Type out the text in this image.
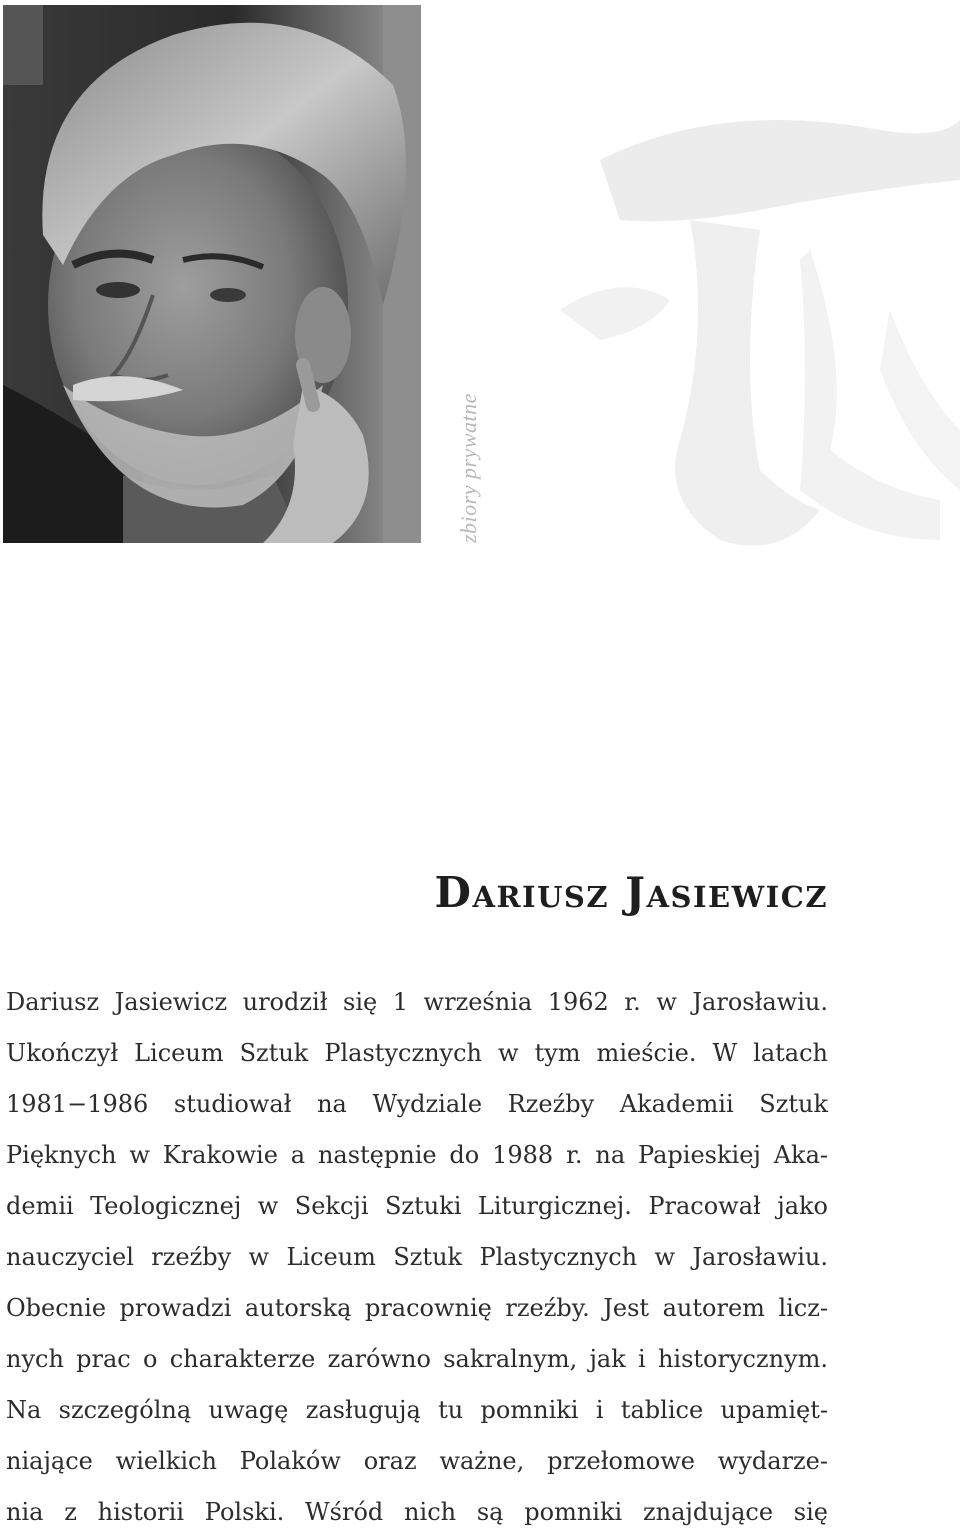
zbiory prywatne
Dariusz Jasiewicz
Dariusz Jasiewicz urodził się 1 września 1962 r. w Jarosławiu.
Ukończył Liceum Sztuk Plastycznych w tym mieście. W latach
1981−1986 studiował na Wydziale Rzeźby Akademii Sztuk
Pięknych w Krakowie a następnie do 1988 r. na Papieskiej Aka-
demii Teologicznej w Sekcji Sztuki Liturgicznej. Pracował jako
nauczyciel rzeźby w Liceum Sztuk Plastycznych w Jarosławiu.
Obecnie prowadzi autorską pracownię rzeźby. Jest autorem licz-
nych prac o charakterze zarówno sakralnym, jak i historycznym.
Na szczególną uwagę zasługują tu pomniki i tablice upamięt-
niające wielkich Polaków oraz ważne, przełomowe wydarze-
nia z historii Polski. Wśród nich są pomniki znajdujące się
